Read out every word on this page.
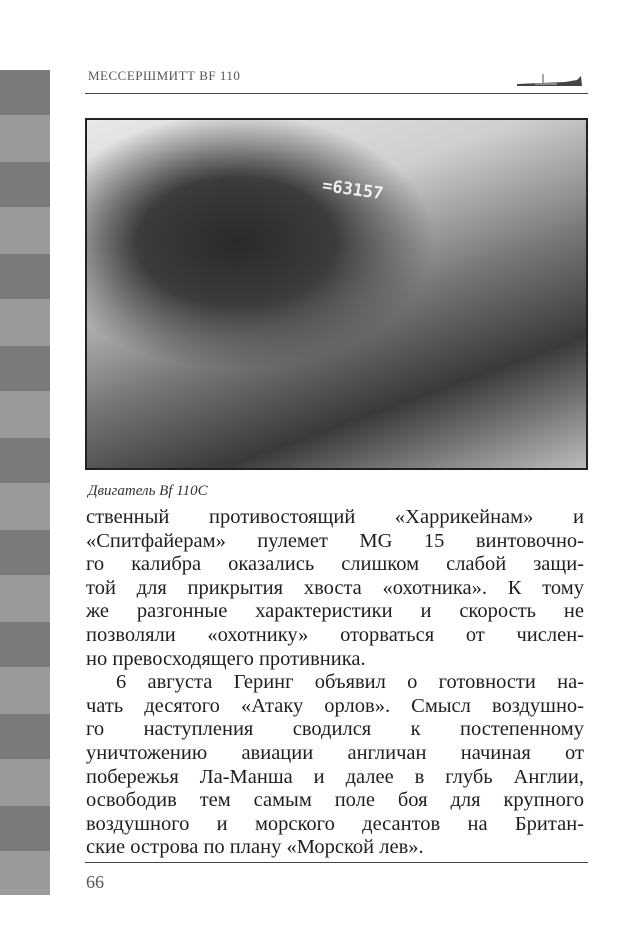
МЕССЕРШМИТТ BF 110
=63157
Двигатель Bf 110C
ственный противостоящий «Харрикейнам» и
«Спитфайерам» пулемет MG 15 винтовочно-
го калибра оказались слишком слабой защи-
той для прикрытия хвоста «охотника». К тому
же разгонные характеристики и скорость не
позволяли «охотнику» оторваться от числен-
но превосходящего противника.
6 августа Геринг объявил о готовности на-
чать десятого «Атаку орлов». Смысл воздушно-
го наступления сводился к постепенному
уничтожению авиации англичан начиная от
побережья Ла-Манша и далее в глубь Англии,
освободив тем самым поле боя для крупного
воздушного и морского десантов на Британ-
ские острова по плану «Морской лев».
66
